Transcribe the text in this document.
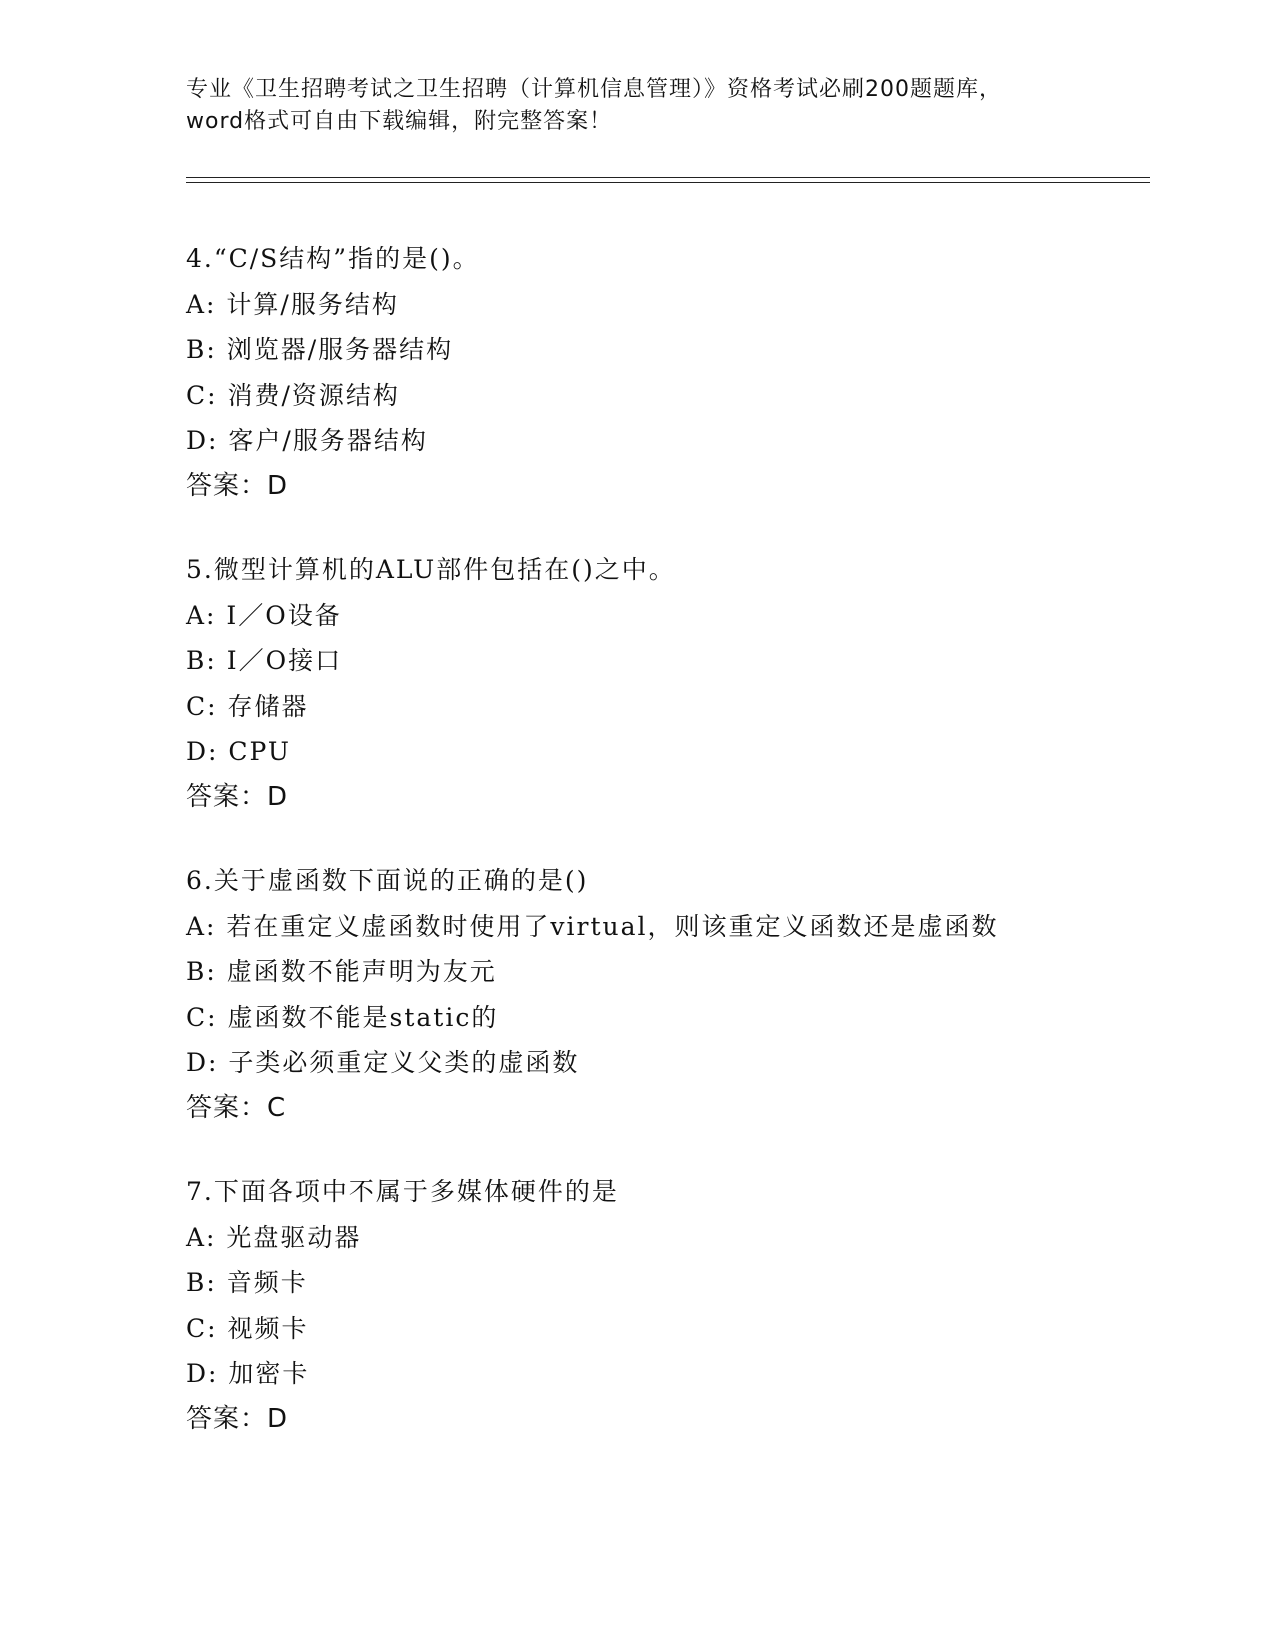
专业《卫生招聘考试之卫生招聘（计算机信息管理）》资格考试必刷200题题库，
word格式可自由下载编辑，附完整答案！
4.“C/S结构”指的是()。
A: 计算/服务结构
B: 浏览器/服务器结构
C: 消费/资源结构
D: 客户/服务器结构
答案：D
5.微型计算机的ALU部件包括在()之中。
A: I／O设备
B: I／O接口
C: 存储器
D: CPU
答案：D
6.关于虚函数下面说的正确的是()
A: 若在重定义虚函数时使用了virtual，则该重定义函数还是虚函数
B: 虚函数不能声明为友元
C: 虚函数不能是static的
D: 子类必须重定义父类的虚函数
答案：C
7.下面各项中不属于多媒体硬件的是
A: 光盘驱动器
B: 音频卡
C: 视频卡
D: 加密卡
答案：D
